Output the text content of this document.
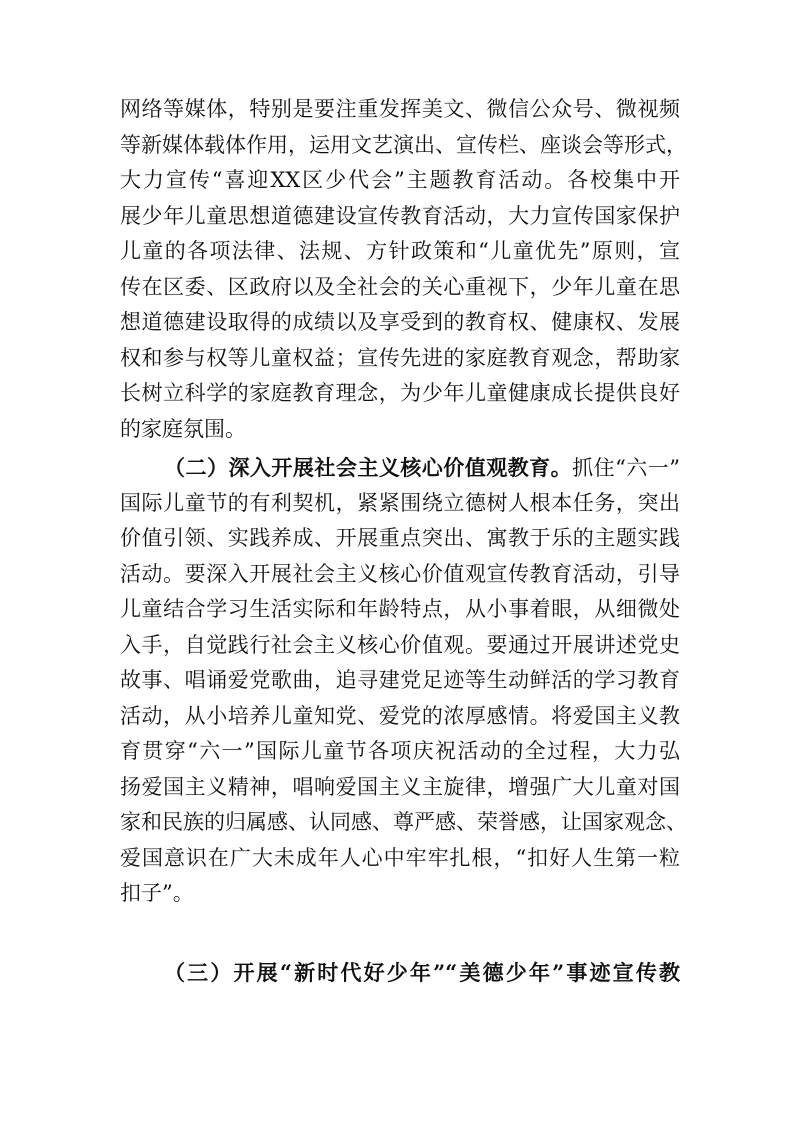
网络等媒体，特别是要注重发挥美文、微信公众号、微视频
等新媒体载体作用，运用文艺演出、宣传栏、座谈会等形式，
大力宣传“喜迎XX区少代会”主题教育活动。各校集中开
展少年儿童思想道德建设宣传教育活动，大力宣传国家保护
儿童的各项法律、法规、方针政策和“儿童优先”原则，宣
传在区委、区政府以及全社会的关心重视下，少年儿童在思
想道德建设取得的成绩以及享受到的教育权、健康权、发展
权和参与权等儿童权益；宣传先进的家庭教育观念，帮助家
长树立科学的家庭教育理念，为少年儿童健康成长提供良好
的家庭氛围。
（二）深入开展社会主义核心价值观教育。抓住“六一”
国际儿童节的有利契机，紧紧围绕立德树人根本任务，突出
价值引领、实践养成、开展重点突出、寓教于乐的主题实践
活动。要深入开展社会主义核心价值观宣传教育活动，引导
儿童结合学习生活实际和年龄特点，从小事着眼，从细微处
入手，自觉践行社会主义核心价值观。要通过开展讲述党史
故事、唱诵爱党歌曲，追寻建党足迹等生动鲜活的学习教育
活动，从小培养儿童知党、爱党的浓厚感情。将爱国主义教
育贯穿“六一”国际儿童节各项庆祝活动的全过程，大力弘
扬爱国主义精神，唱响爱国主义主旋律，增强广大儿童对国
家和民族的归属感、认同感、尊严感、荣誉感，让国家观念、
爱国意识在广大未成年人心中牢牢扎根，“扣好人生第一粒
扣子”。
（三）开展“新时代好少年”“美德少年”事迹宣传教
